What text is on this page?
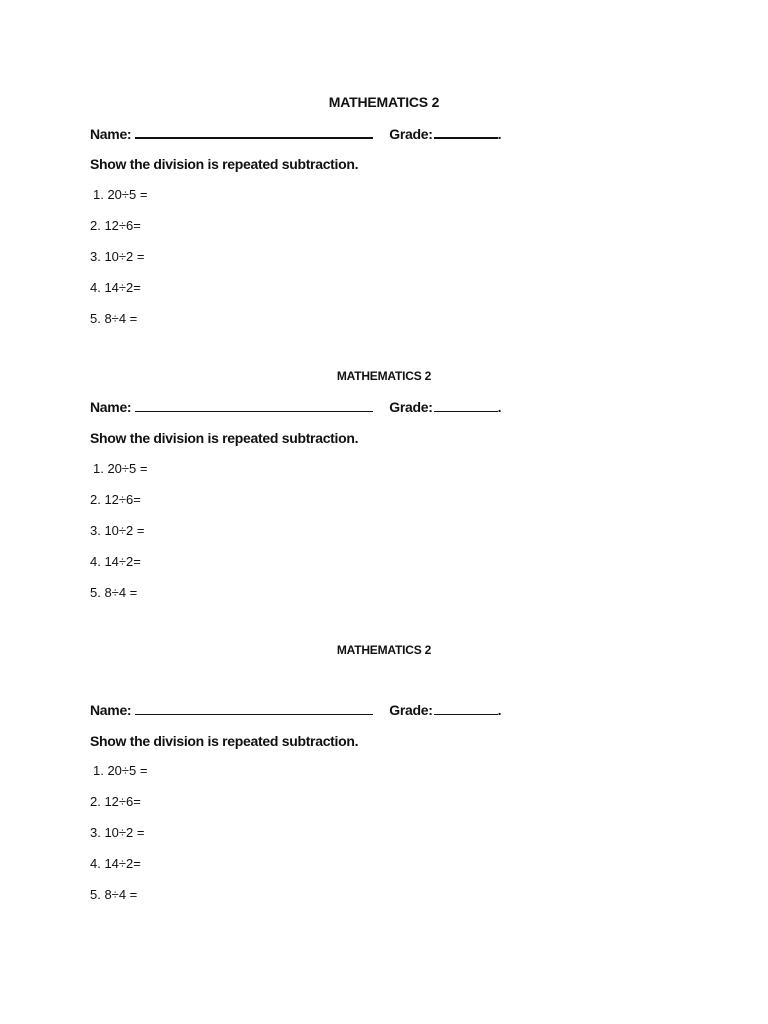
MATHEMATICS 2
Name:	Grade:	.
Show the division is repeated subtraction.
1. 20÷5 =
2. 12÷6=
3. 10÷2 =
4. 14÷2=
5. 8÷4 =
MATHEMATICS 2
Name:	Grade:	.
Show the division is repeated subtraction.
1. 20÷5 =
2. 12÷6=
3. 10÷2 =
4. 14÷2=
5. 8÷4 =
MATHEMATICS 2
Name:	Grade:	.
Show the division is repeated subtraction.
1. 20÷5 =
2. 12÷6=
3. 10÷2 =
4. 14÷2=
5. 8÷4 =
